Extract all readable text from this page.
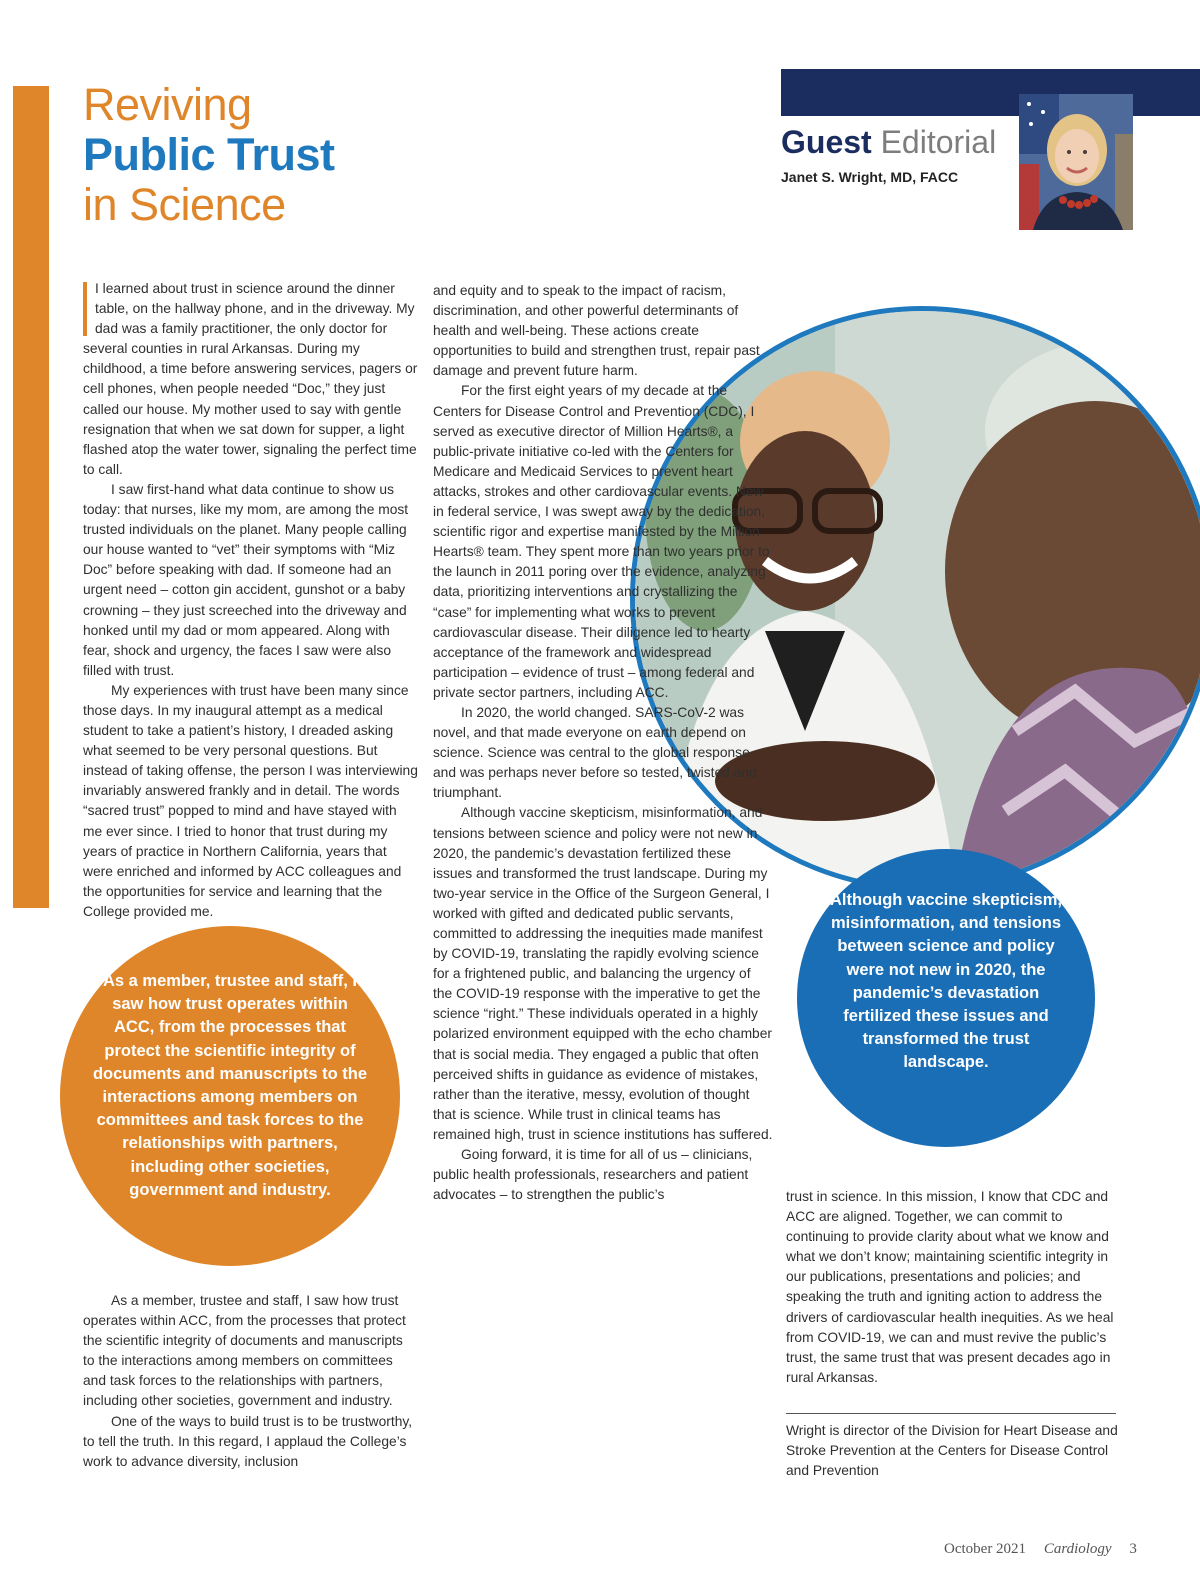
Reviving
Public Trust
in Science
Guest Editorial
Janet S. Wright, MD, FACC

I learned about trust in science around the dinner table, on the hallway phone, and in the driveway. My dad was a family practitioner, the only doctor for several counties in rural Arkansas. During my childhood, a time before answering services, pagers or cell phones, when people needed “Doc,” they just called our house. My mother used to say with gentle resignation that when we sat down for supper, a light flashed atop the water tower, signaling the perfect time to call.

I saw first-hand what data continue to show us today: that nurses, like my mom, are among the most trusted individuals on the planet. Many people calling our house wanted to “vet” their symptoms with “Miz Doc” before speaking with dad. If someone had an urgent need – cotton gin accident, gunshot or a baby crowning – they just screeched into the driveway and honked until my dad or mom appeared. Along with fear, shock and urgency, the faces I saw were also filled with trust.

My experiences with trust have been many since those days. In my inaugural attempt as a medical student to take a patient’s history, I dreaded asking what seemed to be very personal questions. But instead of taking offense, the person I was interviewing invariably answered frankly and in detail. The words “sacred trust” popped to mind and have stayed with me ever since. I tried to honor that trust during my years of practice in Northern California, years that were enriched and informed by ACC colleagues and the opportunities for service and learning that the College provided me.

As a member, trustee and staff, I saw how trust operates within ACC, from the processes that protect the scientific integrity of documents and manuscripts to the interactions among members on committees and task forces to the relationships with partners, including other societies, government and industry.

As a member, trustee and staff, I saw how trust operates within ACC, from the processes that protect the scientific integrity of documents and manuscripts to the interactions among members on committees and task forces to the relationships with partners, including other societies, government and industry.

One of the ways to build trust is to be trustworthy, to tell the truth. In this regard, I applaud the College’s work to advance diversity, inclusion

and equity and to speak to the impact of racism, discrimination, and other powerful determinants of health and well-being. These actions create opportunities to build and strengthen trust, repair past damage and prevent future harm.

For the first eight years of my decade at the Centers for Disease Control and Prevention (CDC), I served as executive director of Million Hearts®, a public-private initiative co-led with the Centers for Medicare and Medicaid Services to prevent heart attacks, strokes and other cardiovascular events. New in federal service, I was swept away by the dedication, scientific rigor and expertise manifested by the Million Hearts® team. They spent more than two years prior to the launch in 2011 poring over the evidence, analyzing data, prioritizing interventions and crystallizing the “case” for implementing what works to prevent cardiovascular disease. Their diligence led to hearty acceptance of the framework and widespread participation – evidence of trust – among federal and private sector partners, including ACC.

In 2020, the world changed. SARS-CoV-2 was novel, and that made everyone on earth depend on science. Science was central to the global response and was perhaps never before so tested, twisted and triumphant.

Although vaccine skepticism, misinformation, and tensions between science and policy were not new in 2020, the pandemic’s devastation fertilized these issues and transformed the trust landscape. During my two-year service in the Office of the Surgeon General, I worked with gifted and dedicated public servants, committed to addressing the inequities made manifest by COVID-19, translating the rapidly evolving science for a frightened public, and balancing the urgency of the COVID-19 response with the imperative to get the science “right.” These individuals operated in a highly polarized environment equipped with the echo chamber that is social media. They engaged a public that often perceived shifts in guidance as evidence of mistakes, rather than the iterative, messy, evolution of thought that is science. While trust in clinical teams has remained high, trust in science institutions has suffered.

Going forward, it is time for all of us – clinicians, public health professionals, researchers and patient advocates – to strengthen the public’s

Although vaccine skepticism, misinformation, and tensions between science and policy were not new in 2020, the pandemic’s devastation fertilized these issues and transformed the trust landscape.

trust in science. In this mission, I know that CDC and ACC are aligned. Together, we can commit to continuing to provide clarity about what we know and what we don’t know; maintaining scientific integrity in our publications, presentations and policies; and speaking the truth and igniting action to address the drivers of cardiovascular health inequities. As we heal from COVID-19, we can and must revive the public’s trust, the same trust that was present decades ago in rural Arkansas.

Wright is director of the Division for Heart Disease and Stroke Prevention at the Centers for Disease Control and Prevention
October 2021 Cardiology 3
